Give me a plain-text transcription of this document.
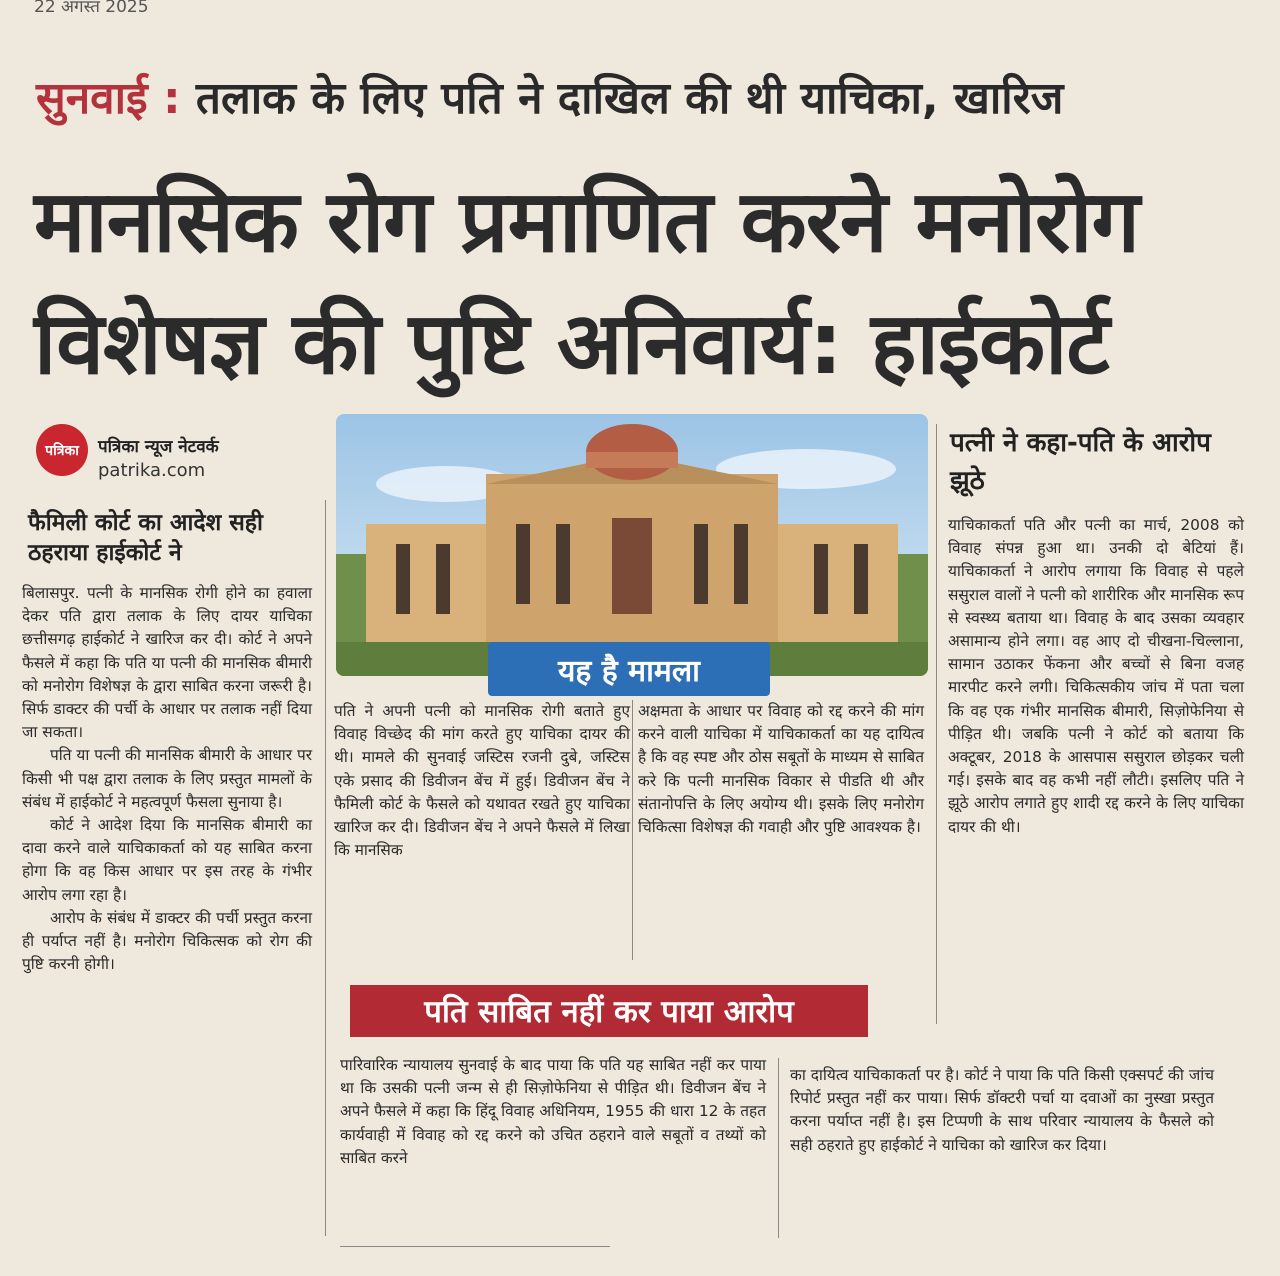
22 अगस्त 2025
सुनवाई : तलाक के लिए पति ने दाखिल की थी याचिका, खारिज
मानसिक रोग प्रमाणित करने मनोरोग
विशेषज्ञ की पुष्टि अनिवार्य: हाईकोर्ट
पत्रिका	पत्रिका न्यूज नेटवर्क
patrika.com
फैमिली कोर्ट का आदेश सही ठहराया हाईकोर्ट ने
यह है मामला
पत्नी ने कहा-पति के आरोप झूठे

बिलासपुर. पत्नी के मानसिक रोगी होने का हवाला देकर पति द्वारा तलाक के लिए दायर याचिका छत्तीसगढ़ हाईकोर्ट ने खारिज कर दी। कोर्ट ने अपने फैसले में कहा कि पति या पत्नी की मानसिक बीमारी को मनोरोग विशेषज्ञ के द्वारा साबित करना जरूरी है। सिर्फ डाक्टर की पर्ची के आधार पर तलाक नहीं दिया जा सकता।

पति या पत्नी की मानसिक बीमारी के आधार पर किसी भी पक्ष द्वारा तलाक के लिए प्रस्तुत मामलों के संबंध में हाईकोर्ट ने महत्वपूर्ण फैसला सुनाया है।

कोर्ट ने आदेश दिया कि मानसिक बीमारी का दावा करने वाले याचिकाकर्ता को यह साबित करना होगा कि वह किस आधार पर इस तरह के गंभीर आरोप लगा रहा है।

आरोप के संबंध में डाक्टर की पर्ची प्रस्तुत करना ही पर्याप्त नहीं है। मनोरोग चिकित्सक को रोग की पुष्टि करनी होगी।

पति ने अपनी पत्नी को मानसिक रोगी बताते हुए विवाह विच्छेद की मांग करते हुए याचिका दायर की थी। मामले की सुनवाई जस्टिस रजनी दुबे, जस्टिस एके प्रसाद की डिवीजन बेंच में हुई। डिवीजन बेंच ने फैमिली कोर्ट के फैसले को यथावत रखते हुए याचिका खारिज कर दी। डिवीजन बेंच ने अपने फैसले में लिखा कि मानसिक
अक्षमता के आधार पर विवाह को रद्द करने की मांग करने वाली याचिका में याचिकाकर्ता का यह दायित्व है कि वह स्पष्ट और ठोस सबूतों के माध्यम से साबित करे कि पत्नी मानसिक विकार से पीडति थी और संतानोपत्ति के लिए अयोग्य थी। इसके लिए मनोरोग चिकित्सा विशेषज्ञ की गवाही और पुष्टि आवश्यक है।
याचिकाकर्ता पति और पत्नी का मार्च, 2008 को विवाह संपन्न हुआ था। उनकी दो बेटियां हैं। याचिकाकर्ता ने आरोप लगाया कि विवाह से पहले ससुराल वालों ने पत्नी को शारीरिक और मानसिक रूप से स्वस्थ्य बताया था। विवाह के बाद उसका व्यवहार असामान्य होने लगा। वह आए दो चीखना-चिल्लाना, सामान उठाकर फेंकना और बच्चों से बिना वजह मारपीट करने लगी। चिकित्सकीय जांच में पता चला कि वह एक गंभीर मानसिक बीमारी, सिज़ोफेनिया से पीड़ित थी। जबकि पत्नी ने कोर्ट को बताया कि अक्टूबर, 2018 के आसपास ससुराल छोड़कर चली गई। इसके बाद वह कभी नहीं लौटी। इसलिए पति ने झूठे आरोप लगाते हुए शादी रद्द करने के लिए याचिका दायर की थी।
पति साबित नहीं कर पाया आरोप
पारिवारिक न्यायालय सुनवाई के बाद पाया कि पति यह साबित नहीं कर पाया था कि उसकी पत्नी जन्म से ही सिज़ोफेनिया से पीड़ित थी। डिवीजन बेंच ने अपने फैसले में कहा कि हिंदू विवाह अधिनियम, 1955 की धारा 12 के तहत कार्यवाही में विवाह को रद्द करने को उचित ठहराने वाले सबूतों व तथ्यों को साबित करने
का दायित्व याचिकाकर्ता पर है। कोर्ट ने पाया कि पति किसी एक्सपर्ट की जांच रिपोर्ट प्रस्तुत नहीं कर पाया। सिर्फ डॉक्टरी पर्चा या दवाओं का नुस्खा प्रस्तुत करना पर्याप्त नहीं है। इस टिप्पणी के साथ परिवार न्यायालय के फैसले को सही ठहराते हुए हाईकोर्ट ने याचिका को खारिज कर दिया।
